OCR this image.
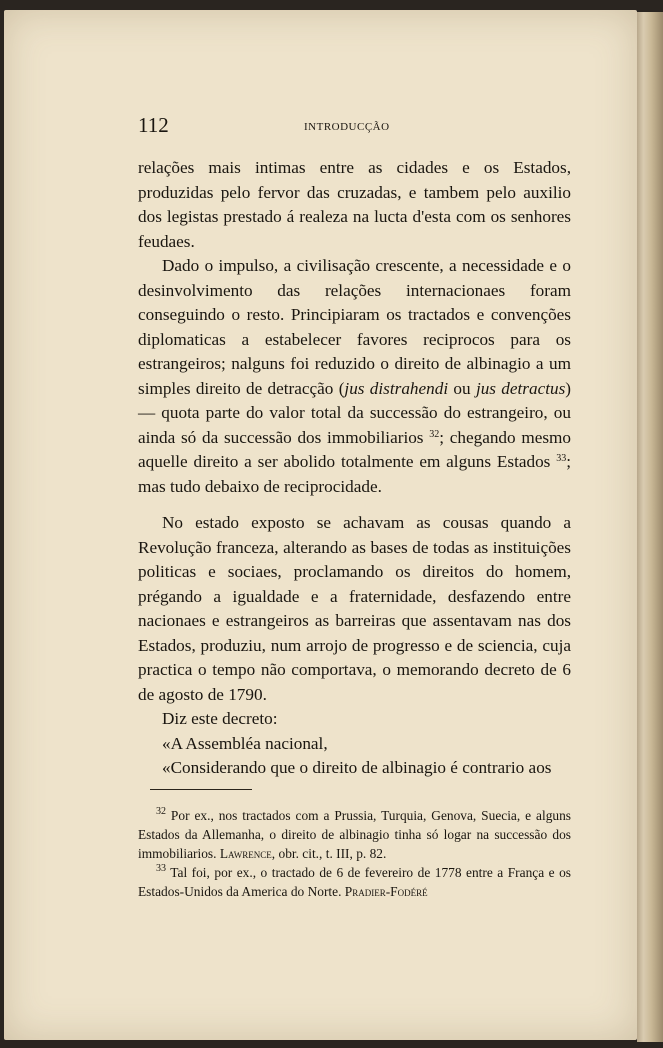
112	INTRODUCÇÃO

relações mais intimas entre as cidades e os Estados, produzidas pelo fervor das cruzadas, e tambem pelo auxilio dos legistas prestado á realeza na lucta d'esta com os senhores feudaes.

Dado o impulso, a civilisação crescente, a necessidade e o desinvolvimento das relações internacionaes foram conseguindo o resto. Principiaram os tractados e convenções diplomaticas a estabelecer favores reciprocos para os estrangeiros; nalguns foi reduzido o direito de albinagio a um simples direito de detracção (jus distrahendi ou jus detractus) — quota parte do valor total da successão do estrangeiro, ou ainda só da successão dos immobiliarios $^{32}$; chegando mesmo aquelle direito a ser abolido totalmente em alguns Estados $^{33}$; mas tudo debaixo de reciprocidade.

No estado exposto se achavam as cousas quando a Revolução franceza, alterando as bases de todas as instituições politicas e sociaes, proclamando os direitos do homem, prégando a igualdade e a fraternidade, desfazendo entre nacionaes e estrangeiros as barreiras que assentavam nas dos Estados, produziu, num arrojo de progresso e de sciencia, cuja practica o tempo não comportava, o memorando decreto de 6 de agosto de 1790.

Diz este decreto:

«A Assembléa nacional,

«Considerando que o direito de albinagio é contrario aos

$^{32}$ Por ex., nos tractados com a Prussia, Turquia, Genova, Suecia, e alguns Estados da Allemanha, o direito de albinagio tinha só logar na successão dos immobiliarios. Lawrence, obr. cit., t. III, p. 82.

$^{33}$ Tal foi, por ex., o tractado de 6 de fevereiro de 1778 entre a França e os Estados-Unidos da America do Norte. Pradier-Fodéré
